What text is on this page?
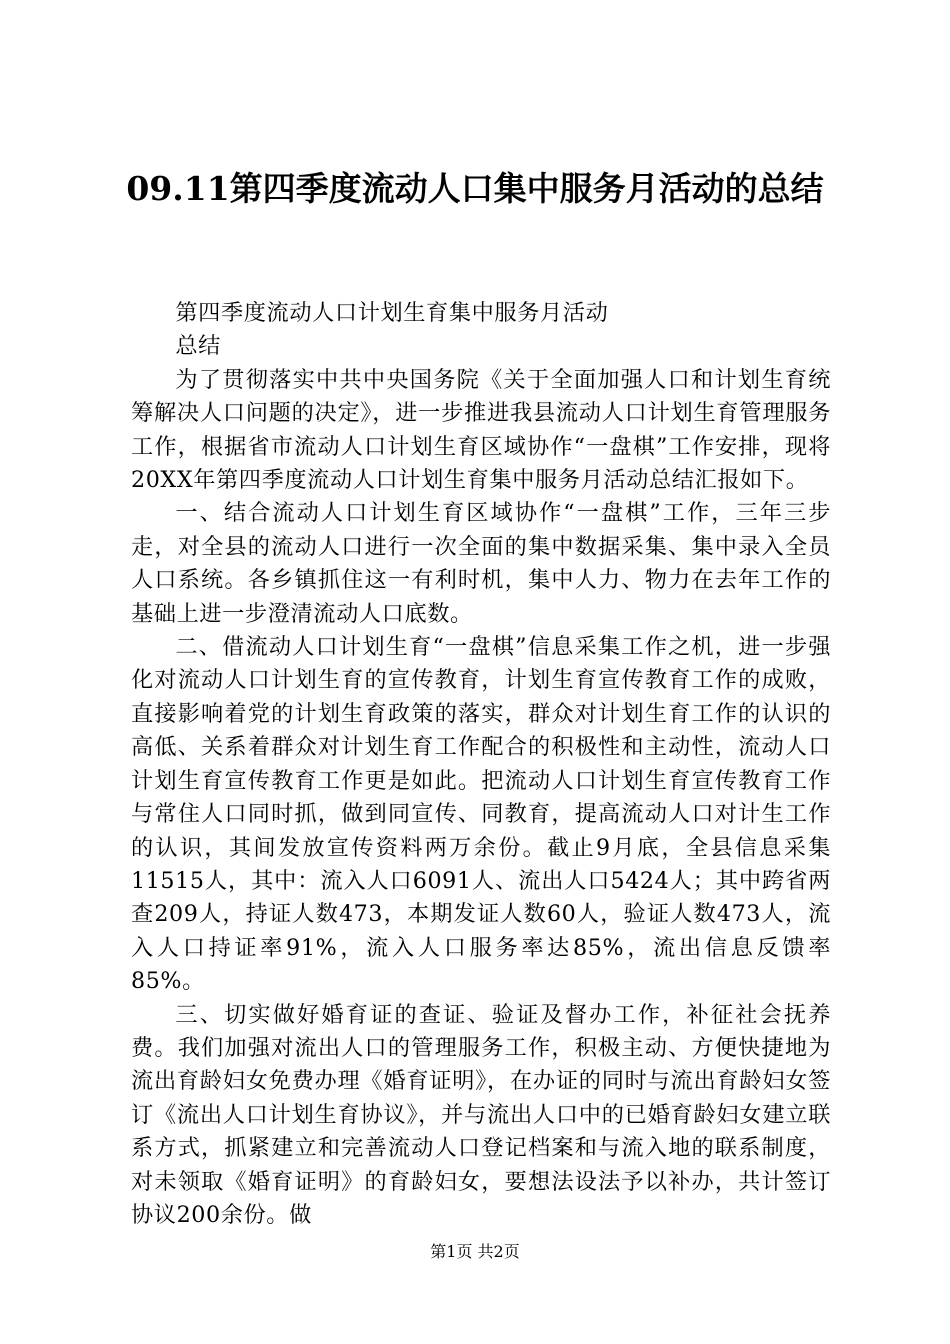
09.11第四季度流动人口集中服务月活动的总结

第四季度流动人口计划生育集中服务月活动

总结

为了贯彻落实中共中央国务院《关于全面加强人口和计划生育统筹解决人口问题的决定》，进一步推进我县流动人口计划生育管理服务工作，根据省市流动人口计划生育区域协作“一盘棋”工作安排，现将20XX年第四季度流动人口计划生育集中服务月活动总结汇报如下。

一、结合流动人口计划生育区域协作“一盘棋”工作，三年三步走，对全县的流动人口进行一次全面的集中数据采集、集中录入全员人口系统。各乡镇抓住这一有利时机，集中人力、物力在去年工作的基础上进一步澄清流动人口底数。

二、借流动人口计划生育“一盘棋”信息采集工作之机，进一步强化对流动人口计划生育的宣传教育，计划生育宣传教育工作的成败，直接影响着党的计划生育政策的落实，群众对计划生育工作的认识的高低、关系着群众对计划生育工作配合的积极性和主动性，流动人口计划生育宣传教育工作更是如此。把流动人口计划生育宣传教育工作与常住人口同时抓，做到同宣传、同教育，提高流动人口对计生工作的认识，其间发放宣传资料两万余份。截止9月底，全县信息采集11515人，其中：流入人口6091人、流出人口5424人；其中跨省两查209人，持证人数473，本期发证人数60人，验证人数473人，流入人口持证率91%，流入人口服务率达85%，流出信息反馈率85%。

三、切实做好婚育证的查证、验证及督办工作，补征社会抚养费。我们加强对流出人口的管理服务工作，积极主动、方便快捷地为流出育龄妇女免费办理《婚育证明》，在办证的同时与流出育龄妇女签订《流出人口计划生育协议》，并与流出人口中的已婚育龄妇女建立联系方式，抓紧建立和完善流动人口登记档案和与流入地的联系制度，对未领取《婚育证明》的育龄妇女，要想法设法予以补办，共计签订协议200余份。做

第1页 共2页
